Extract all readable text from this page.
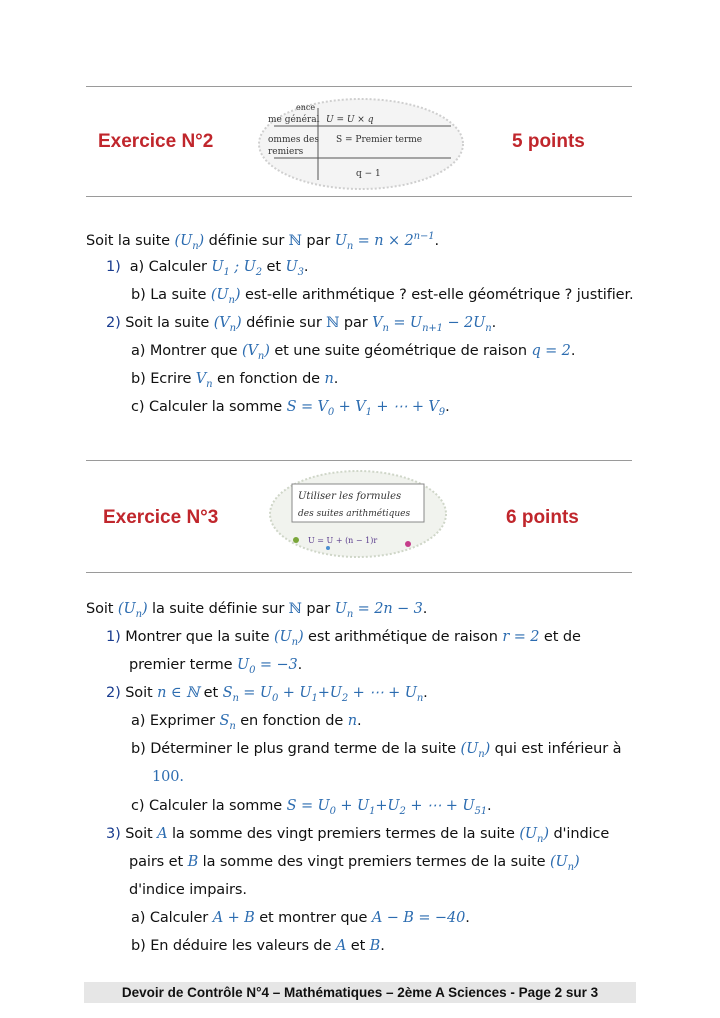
Exercice N°2
ence
me général U = U × q
ommes des S = Premier terme
remiers
q − 1
5 points
Soit la suite $(U_n)$ définie sur ℕ par $U_n = n \times 2^{n-1}$.
1) a) Calculer $U_1$ ; $U_2$ et $U_3$.
b) La suite $(U_n)$ est-elle arithmétique ? est-elle géométrique ? justifier.
2) Soit la suite $(V_n)$ définie sur ℕ par $V_n = U_{n+1} - 2U_n$.
a) Montrer que $(V_n)$ et une suite géométrique de raison q = 2.
b) Ecrire $V_n$ en fonction de n.
c) Calculer la somme $S = V_0 + V_1$ + ⋯ + $V_9$.
Exercice N°3
Utiliser les formules
des suites arithmétiques
U = U + (n − 1)r
6 points
Soit $(U_n)$ la suite définie sur ℕ par $U_n = 2n - 3$.
1) Montrer que la suite $(U_n)$ est arithmétique de raison r = 2 et de
premier terme $U_0 = -3$.
2) Soit n ∈ ℕ et $S_n = U_0 + U_1+U_2$ + ⋯ + $U_n$.
a) Exprimer $S_n$ en fonction de n.
b) Déterminer le plus grand terme de la suite $(U_n)$ qui est inférieur à
100.
c) Calculer la somme $S = U_0 + U_1+U_2$ + ⋯ + $U_{51}$.
3) Soit A la somme des vingt premiers termes de la suite $(U_n)$ d'indice
pairs et B la somme des vingt premiers termes de la suite $(U_n)$
d'indice impairs.
a) Calculer A + B et montrer que A − B = −40.
b) En déduire les valeurs de A et B.
Devoir de Contrôle N°4 – Mathématiques – 2ème A Sciences - Page 2 sur 3
